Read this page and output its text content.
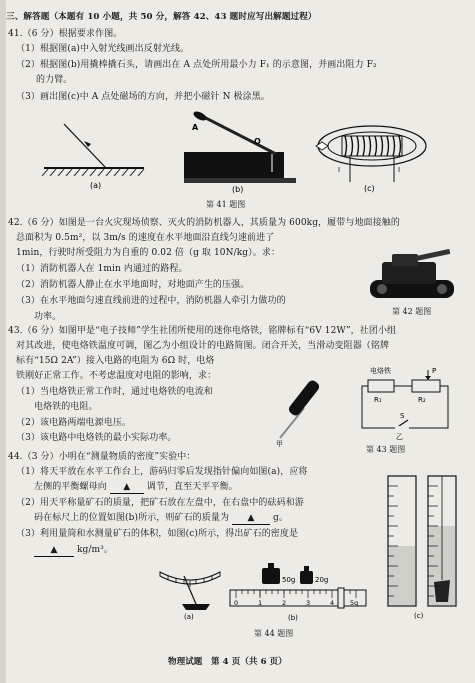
三、解答题（本题有 10 小题，共 50 分，解答 42、43 题时应写出解题过程）
41.（6 分）根据要求作图。
（1）根据图(a)中入射光线画出反射光线。
（2）根据图(b)用撬棒撬石头，请画出在 A 点处所用最小力 F₁ 的示意图，并画出阻力 F₂
的力臂。
（3）画出图(c)中 A 点处磁场的方向，并把小磁针 N 极涂黑。
(a)
A
O
F₂
(b)
I	I
(c)
第 41 题图
42.（6 分）如图是一台火灾现场侦察、灭火的消防机器人，其质量为 600kg，履带与地面接触的
总面积为 0.5m²，以 3m/s 的速度在水平地面沿直线匀速前进了
1min，行驶时所受阻力为自重的 0.02 倍（g 取 10N/kg）。求：
（1）消防机器人在 1min 内通过的路程。
（2）消防机器人静止在水平地面时，对地面产生的压强。
（3）在水平地面匀速直线前进的过程中，消防机器人牵引力做功的
功率。
第 42 题图
43.（6 分）如图甲是“电子技师”学生社团所使用的迷你电烙铁，铭牌标有“6V 12W”，社团小组
对其改进，使电烙铁温度可调，图乙为小组设计的电路简图。闭合开关，当滑动变阻器（铭牌
标有“15Ω 2A”）接入电路的电阻为 6Ω 时，电烙
铁刚好正常工作。不考虑温度对电阻的影响，求：
（1）当电烙铁正常工作时，通过电烙铁的电流和
电烙铁的电阻。
（2）该电路两端电源电压。
（3）该电路中电烙铁的最小实际功率。
甲
电烙铁	P
R₁	R₂
S
乙
第 43 题图
44.（3 分）小明在“测量物质的密度”实验中：
（1）将天平放在水平工作台上，游码归零后发现指针偏向如图(a)，应将
左侧的平衡螺母向 ▲ 调节，直至天平平衡。
（2）用天平称量矿石的质量，把矿石放在左盘中，在右盘中的砝码和游
码在标尺上的位置如图(b)所示，则矿石的质量为 ▲ g。
（3）利用量筒和水测量矿石的体积，如图(c)所示，得出矿石的密度是
▲ kg/m³。
(a)
50g	20g
0	1	2	3	4 5g
(b)	(c)
第 44 题图
物理试题　第 4 页（共 6 页）
